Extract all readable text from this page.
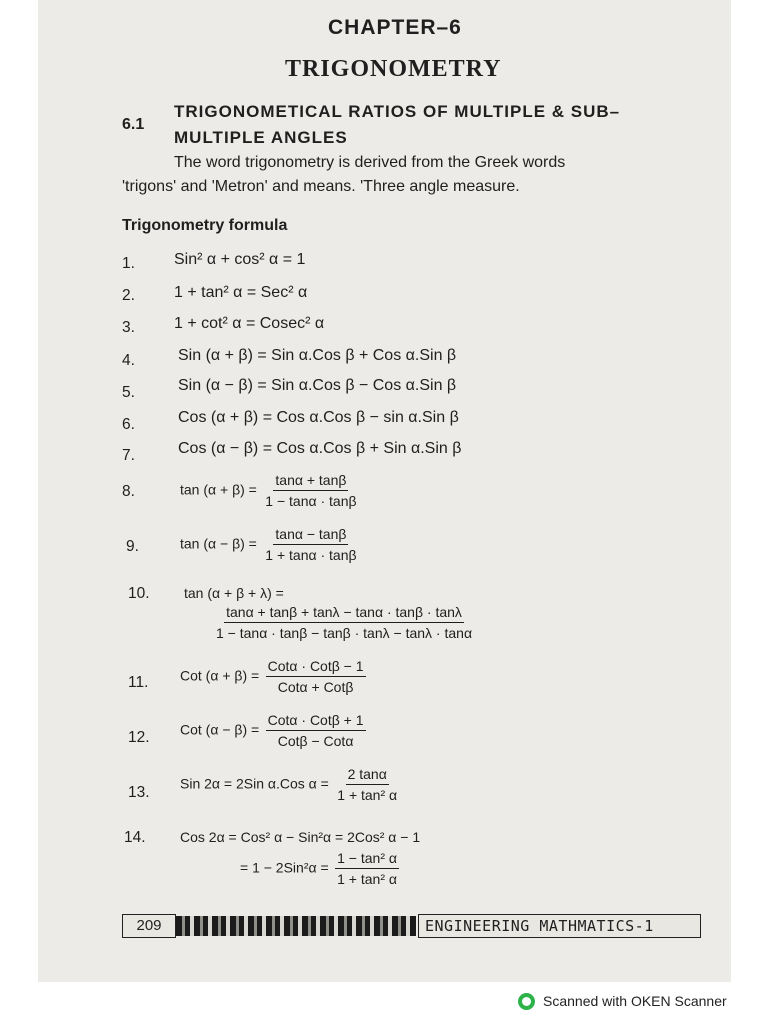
CHAPTER–6
TRIGONOMETRY
6.1
TRIGONOMETICAL RATIOS OF MULTIPLE & SUB–
MULTIPLE ANGLES
The word trigonometry is derived from the Greek words
'trigons' and 'Metron' and means. 'Three angle measure.
Trigonometry formula
1. Sin² α + cos² α = 1
2. 1 + tan² α = Sec² α
3. 1 + cot² α = Cosec² α
4.	Sin (α + β) = Sin α.Cos β + Cos α.Sin β
5.	Sin (α − β) = Sin α.Cos β − Cos α.Sin β
6.	Cos (α + β) = Cos α.Cos β − sin α.Sin β
7.	Cos (α − β) = Cos α.Cos β + Sin α.Sin β
8.	$\tan (\alpha + \beta) = \frac{\tan\alpha + \tan\beta}{1 - \tan\alpha \cdot \tan\beta}$
9.	$\tan (\alpha - \beta) = \frac{\tan\alpha - \tan\beta}{1 + \tan\alpha \cdot \tan\beta}$
10. tan (α + β + λ) =
$\frac{\tan\alpha + \tan\beta + \tan\lambda - \tan\alpha \cdot \tan\beta \cdot \tan\lambda}{1 - \tan\alpha \cdot \tan\beta - \tan\beta \cdot \tan\lambda - \tan\lambda \cdot \tan\alpha}$
11. Cot $(\alpha + \beta) = \frac{\text{Cotα · Cotβ − 1}}{\text{Cotα + Cotβ}}$
12. Cot $(\alpha - \beta) = \frac{\text{Cotα · Cotβ + 1}}{\text{Cotβ − Cotα}}$
13.
Sin 2α = 2Sin α.Cos $\alpha = \frac{2 \tan\alpha}{\text{1 + tan² α}}$
14. Cos 2α = Cos² α − Sin²α = 2Cos² α − 1
= $1 - 2Sin^2\alpha = \frac{\text{1 − tan² α}}{\text{1 + tan² α}}$
209	ENGINEERING MATHMATICS-1
Scanned with OKEN Scanner
